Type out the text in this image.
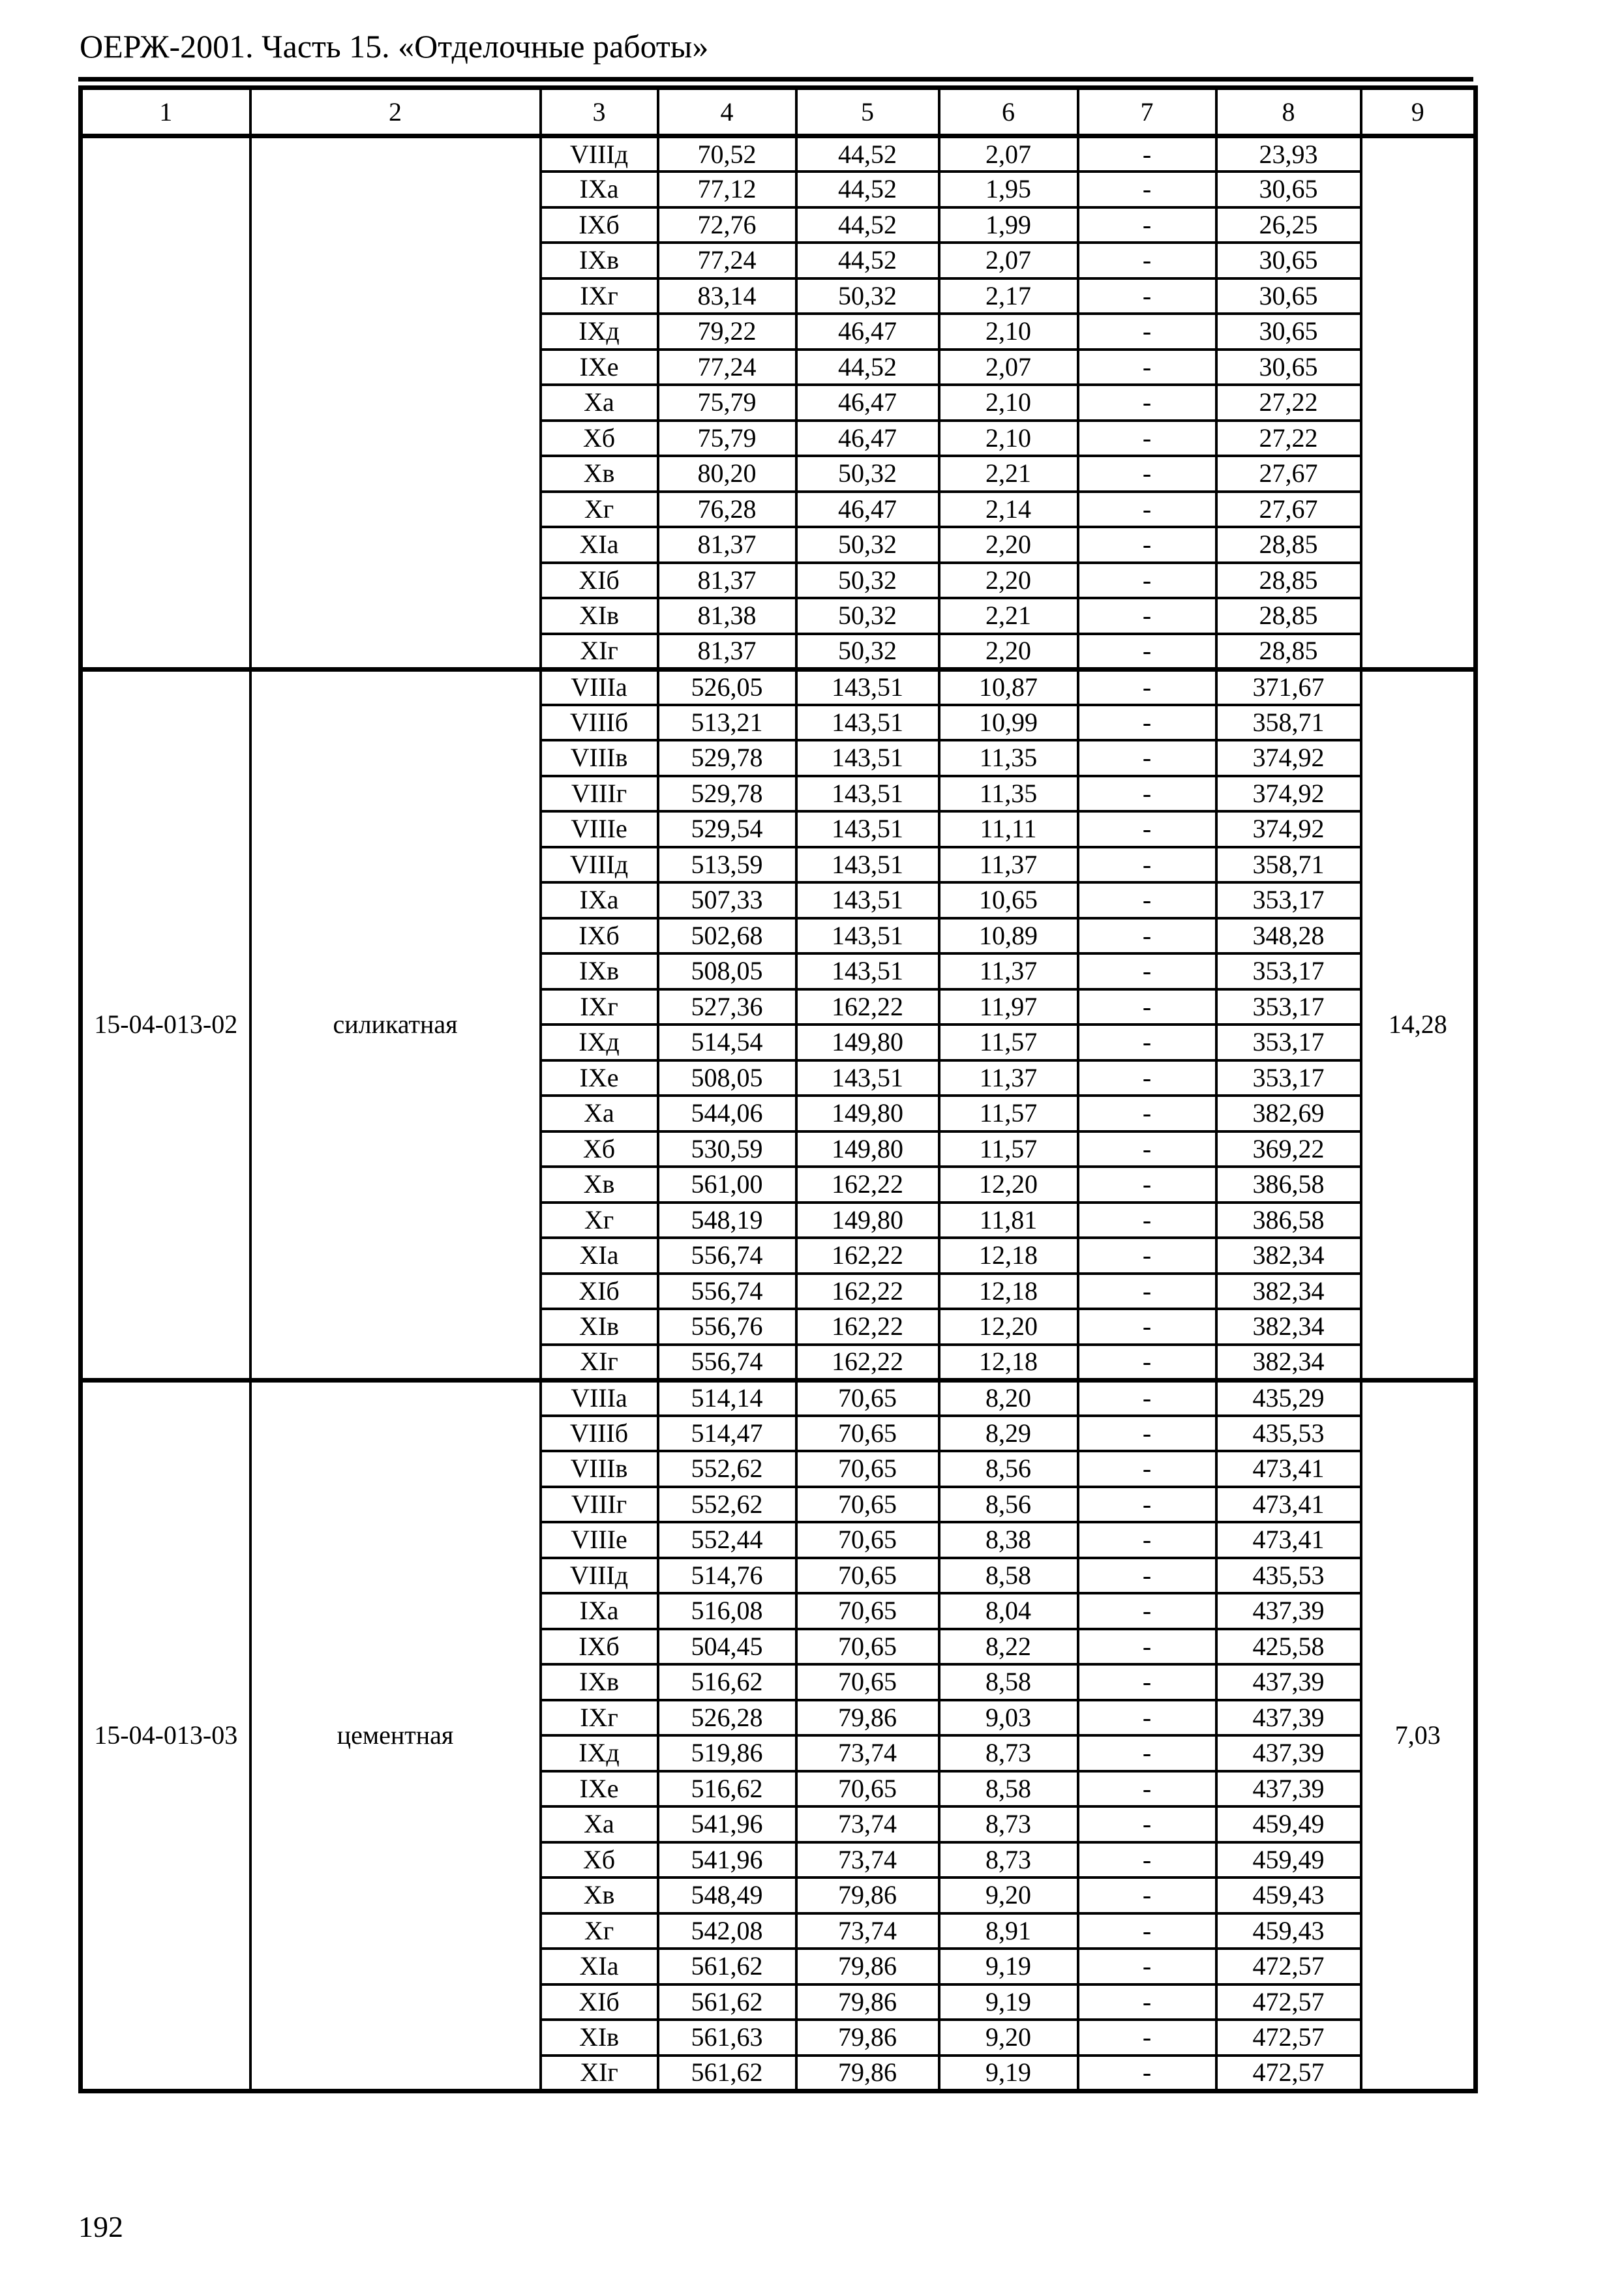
ОЕРЖ-2001. Часть 15. «Отделочные работы»
1	2	3	4	5	6	7	8	9
		VIIIд	70,52	44,52	2,07	-	23,93	
		IXа	77,12	44,52	1,95	-	30,65	
		IXб	72,76	44,52	1,99	-	26,25	
		IXв	77,24	44,52	2,07	-	30,65	
		IXг	83,14	50,32	2,17	-	30,65	
		IXд	79,22	46,47	2,10	-	30,65	
		IXе	77,24	44,52	2,07	-	30,65	
		Xа	75,79	46,47	2,10	-	27,22	
		Xб	75,79	46,47	2,10	-	27,22	
		Xв	80,20	50,32	2,21	-	27,67	
		Xг	76,28	46,47	2,14	-	27,67	
		XIа	81,37	50,32	2,20	-	28,85	
		XIб	81,37	50,32	2,20	-	28,85	
		XIв	81,38	50,32	2,21	-	28,85	
		XIг	81,37	50,32	2,20	-	28,85	
15-04-013-02	силикатная	VIIIа	526,05	143,51	10,87	-	371,67	14,28
		VIIIб	513,21	143,51	10,99	-	358,71	
		VIIIв	529,78	143,51	11,35	-	374,92	
		VIIIг	529,78	143,51	11,35	-	374,92	
		VIIIе	529,54	143,51	11,11	-	374,92	
		VIIIд	513,59	143,51	11,37	-	358,71	
		IXа	507,33	143,51	10,65	-	353,17	
		IXб	502,68	143,51	10,89	-	348,28	
		IXв	508,05	143,51	11,37	-	353,17	
		IXг	527,36	162,22	11,97	-	353,17	
		IXд	514,54	149,80	11,57	-	353,17	
		IXе	508,05	143,51	11,37	-	353,17	
		Xа	544,06	149,80	11,57	-	382,69	
		Xб	530,59	149,80	11,57	-	369,22	
		Xв	561,00	162,22	12,20	-	386,58	
		Xг	548,19	149,80	11,81	-	386,58	
		XIа	556,74	162,22	12,18	-	382,34	
		XIб	556,74	162,22	12,18	-	382,34	
		XIв	556,76	162,22	12,20	-	382,34	
		XIг	556,74	162,22	12,18	-	382,34	
15-04-013-03	цементная	VIIIа	514,14	70,65	8,20	-	435,29	7,03
		VIIIб	514,47	70,65	8,29	-	435,53	
		VIIIв	552,62	70,65	8,56	-	473,41	
		VIIIг	552,62	70,65	8,56	-	473,41	
		VIIIе	552,44	70,65	8,38	-	473,41	
		VIIIд	514,76	70,65	8,58	-	435,53	
		IXа	516,08	70,65	8,04	-	437,39	
		IXб	504,45	70,65	8,22	-	425,58	
		IXв	516,62	70,65	8,58	-	437,39	
		IXг	526,28	79,86	9,03	-	437,39	
		IXд	519,86	73,74	8,73	-	437,39	
		IXе	516,62	70,65	8,58	-	437,39	
		Xа	541,96	73,74	8,73	-	459,49	
		Xб	541,96	73,74	8,73	-	459,49	
		Xв	548,49	79,86	9,20	-	459,43	
		Xг	542,08	73,74	8,91	-	459,43	
		XIа	561,62	79,86	9,19	-	472,57	
		XIб	561,62	79,86	9,19	-	472,57	
		XIв	561,63	79,86	9,20	-	472,57	
		XIг	561,62	79,86	9,19	-	472,57	
192
